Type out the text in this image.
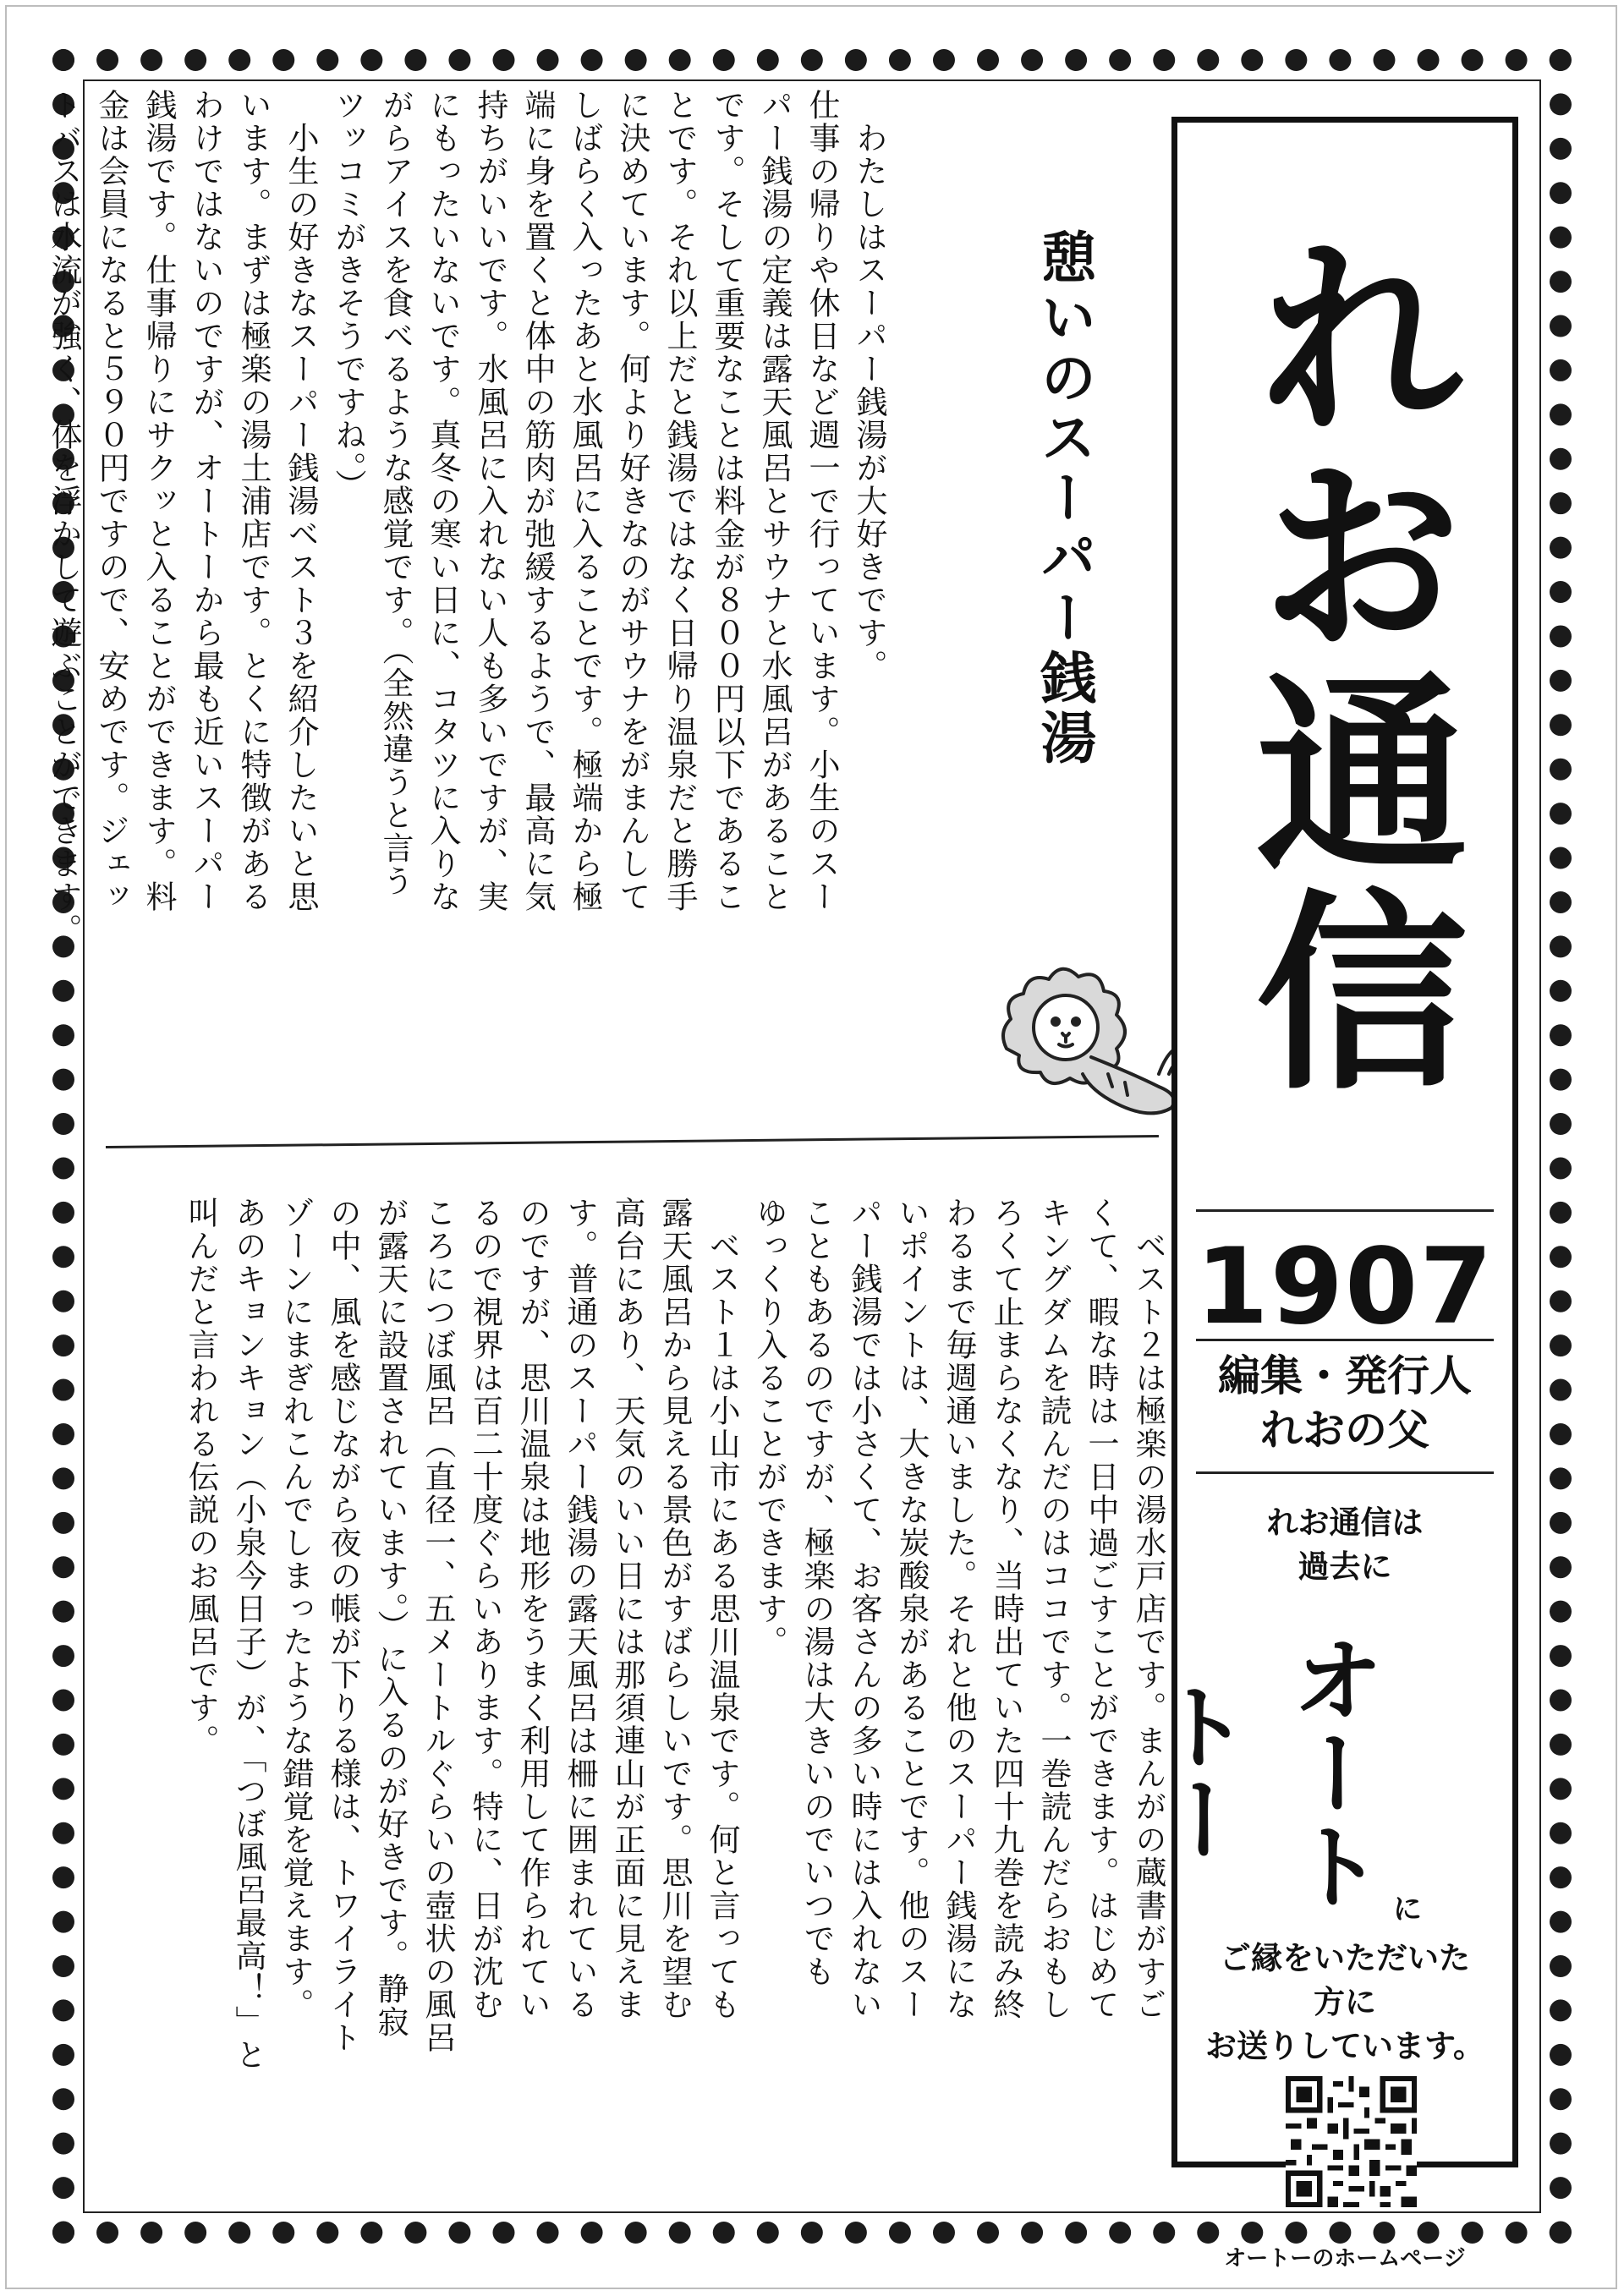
憩いのスーパー銭湯
　わたしはスーパー銭湯が大好きです。
仕事の帰りや休日など週一で行っています。小生のスー
パー銭湯の定義は露天風呂とサウナと水風呂があること
です。そして重要なことは料金が８００円以下であるこ
とです。それ以上だと銭湯ではなく日帰り温泉だと勝手
に決めています。何より好きなのがサウナをがまんして
しばらく入ったあと水風呂に入ることです。極端から極
端に身を置くと体中の筋肉が弛緩するようで、最高に気
持ちがいいです。水風呂に入れない人も多いですが、実
にもったいないです。真冬の寒い日に、コタツに入りな
がらアイスを食べるような感覚です。（全然違うと言う
ツッコミがきそうですね。）
　小生の好きなスーパー銭湯ベスト３を紹介したいと思
います。まずは極楽の湯土浦店です。とくに特徴がある
わけではないのですが、オートーから最も近いスーパー
銭湯です。仕事帰りにサクッと入ることができます。料
金は会員になると５９０円ですので、安めです。ジェッ
トバスは水流が強く、体を浮かして遊ぶことができます。
　ベスト２は極楽の湯水戸店です。まんがの蔵書がすご
くて、暇な時は一日中過ごすことができます。はじめて
キングダムを読んだのはココです。一巻読んだらおもし
ろくて止まらなくなり、当時出ていた四十九巻を読み終
わるまで毎週通いました。それと他のスーパー銭湯にな
いポイントは、大きな炭酸泉があることです。他のスー
パー銭湯では小さくて、お客さんの多い時には入れない
こともあるのですが、極楽の湯は大きいのでいつでも
ゆっくり入ることができます。
　ベスト１は小山市にある思川温泉です。何と言っても
露天風呂から見える景色がすばらしいです。思川を望む
高台にあり、天気のいい日には那須連山が正面に見えま
す。普通のスーパー銭湯の露天風呂は柵に囲まれている
のですが、思川温泉は地形をうまく利用して作られてい
るので視界は百二十度ぐらいあります。特に、日が沈む
ころにつぼ風呂（直径一、五メートルぐらいの壺状の風呂
が露天に設置されています。）に入るのが好きです。静寂
の中、風を感じながら夜の帳が下りる様は、トワイライト
ゾーンにまぎれこんでしまったような錯覚を覚えます。
あのキョンキョン（小泉今日子）が、「つぼ風呂最高！」と
叫んだと言われる伝説のお風呂です。
れお通信
1907
編集・発行人
れおの父
れお通信は
過去に
オートトー
に
ご縁をいただいた
方に
お送りしています。
オートーのホームページ
